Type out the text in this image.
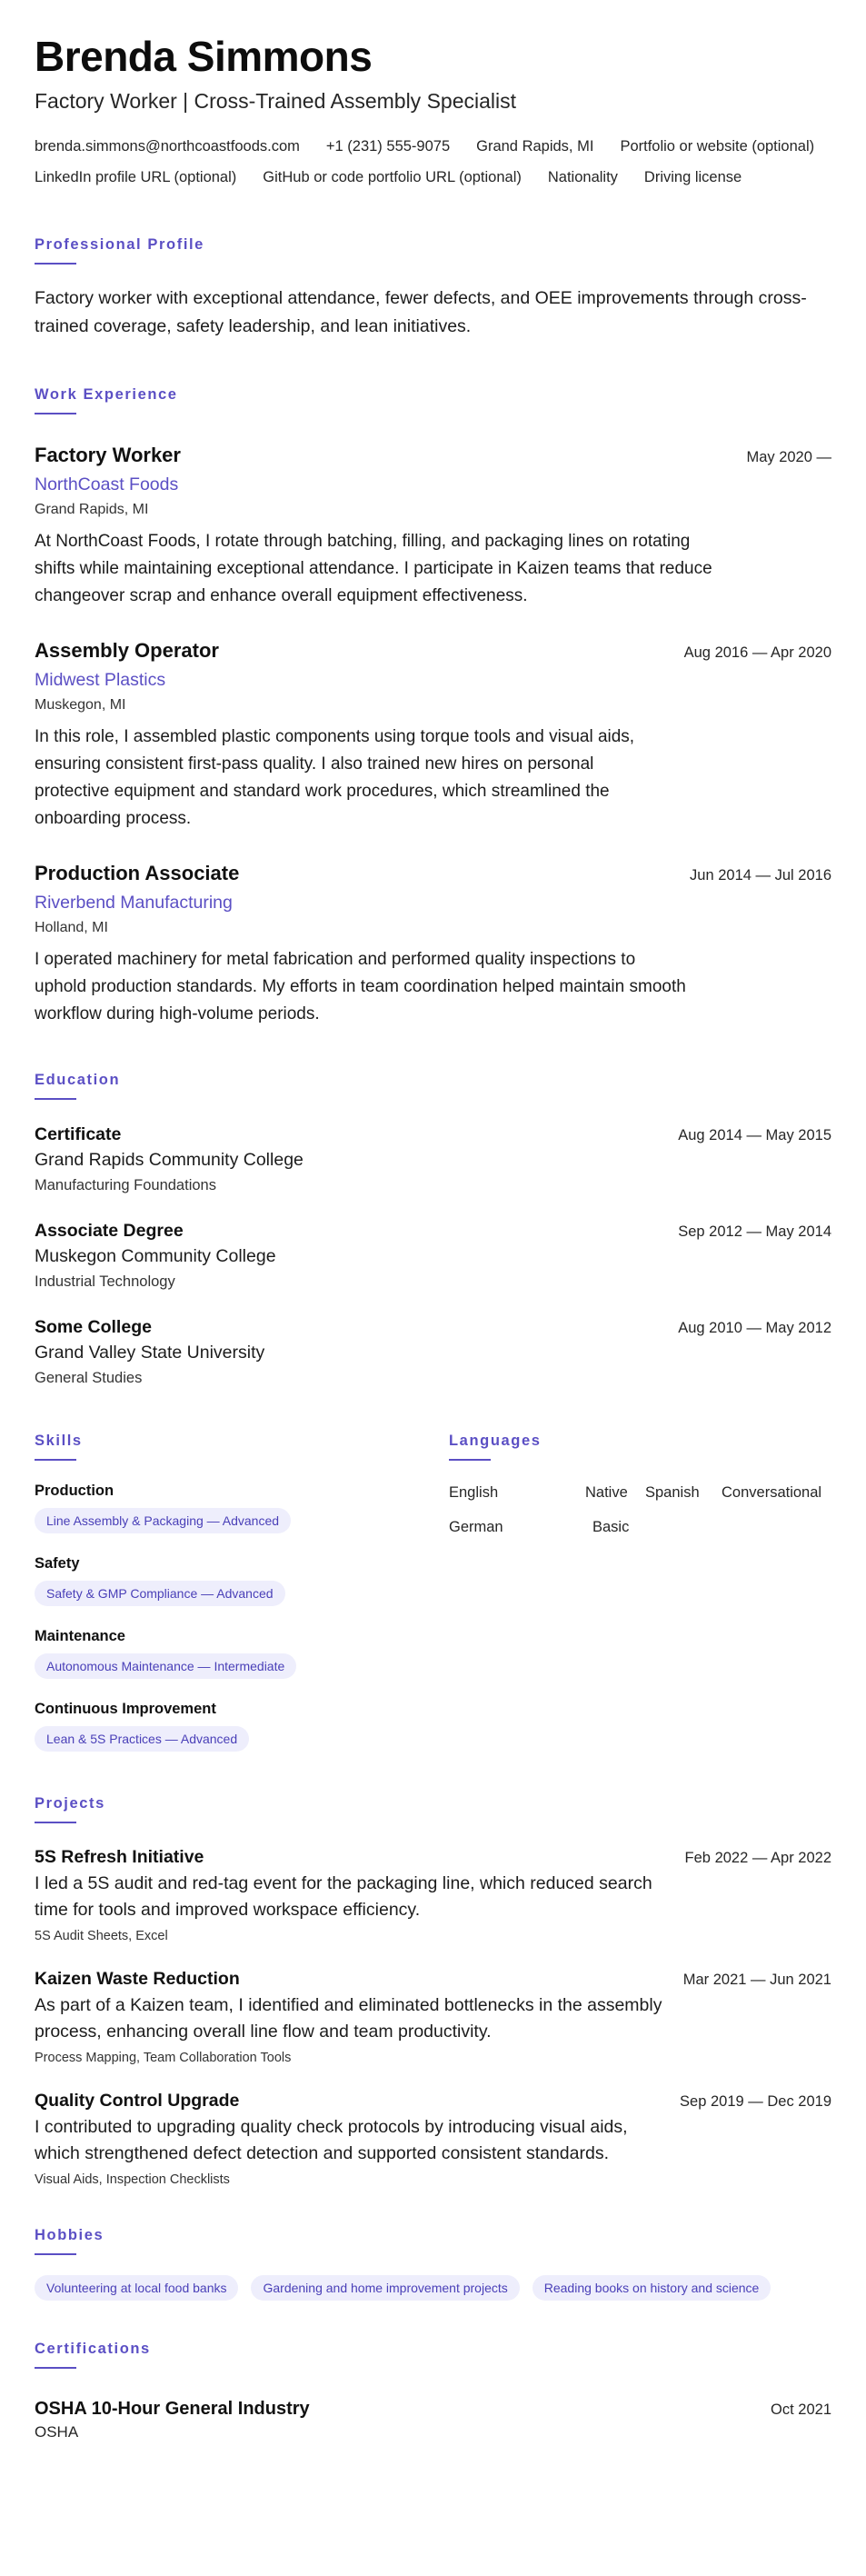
Brenda Simmons
Factory Worker | Cross-Trained Assembly Specialist
brenda.simmons@northcoastfoods.com +1 (231) 555-9075 Grand Rapids, MI Portfolio or website (optional)
LinkedIn profile URL (optional) GitHub or code portfolio URL (optional) Nationality Driving license
Professional Profile

Factory worker with exceptional attendance, fewer defects, and OEE improvements through cross-trained coverage, safety leadership, and lean initiatives.

Work Experience
Factory Worker	May 2020 —
NorthCoast Foods
Grand Rapids, MI

At NorthCoast Foods, I rotate through batching, filling, and packaging lines on rotating shifts while maintaining exceptional attendance. I participate in Kaizen teams that reduce changeover scrap and enhance overall equipment effectiveness.

Assembly Operator	Aug 2016 — Apr 2020
Midwest Plastics
Muskegon, MI

In this role, I assembled plastic components using torque tools and visual aids, ensuring consistent first-pass quality. I also trained new hires on personal protective equipment and standard work procedures, which streamlined the onboarding process.

Production Associate	Jun 2014 — Jul 2016
Riverbend Manufacturing
Holland, MI

I operated machinery for metal fabrication and performed quality inspections to uphold production standards. My efforts in team coordination helped maintain smooth workflow during high-volume periods.

Education
Certificate	Aug 2014 — May 2015
Grand Rapids Community College
Manufacturing Foundations
Associate Degree	Sep 2012 — May 2014
Muskegon Community College
Industrial Technology
Some College	Aug 2010 — May 2012
Grand Valley State University
General Studies
Skills
Production
Line Assembly & Packaging — Advanced
Safety
Safety & GMP Compliance — Advanced
Maintenance
Autonomous Maintenance — Intermediate
Continuous Improvement
Lean & 5S Practices — Advanced
Languages
English	Native	Spanish	Conversational
German	Basic
Projects
5S Refresh Initiative	Feb 2022 — Apr 2022

I led a 5S audit and red-tag event for the packaging line, which reduced search time for tools and improved workspace efficiency.

5S Audit Sheets, Excel
Kaizen Waste Reduction	Mar 2021 — Jun 2021

As part of a Kaizen team, I identified and eliminated bottlenecks in the assembly process, enhancing overall line flow and team productivity.

Process Mapping, Team Collaboration Tools
Quality Control Upgrade	Sep 2019 — Dec 2019

I contributed to upgrading quality check protocols by introducing visual aids, which strengthened defect detection and supported consistent standards.

Visual Aids, Inspection Checklists
Hobbies
Volunteering at local food banks	Gardening and home improvement projects	Reading books on history and science
Certifications
OSHA 10-Hour General Industry	Oct 2021
OSHA
